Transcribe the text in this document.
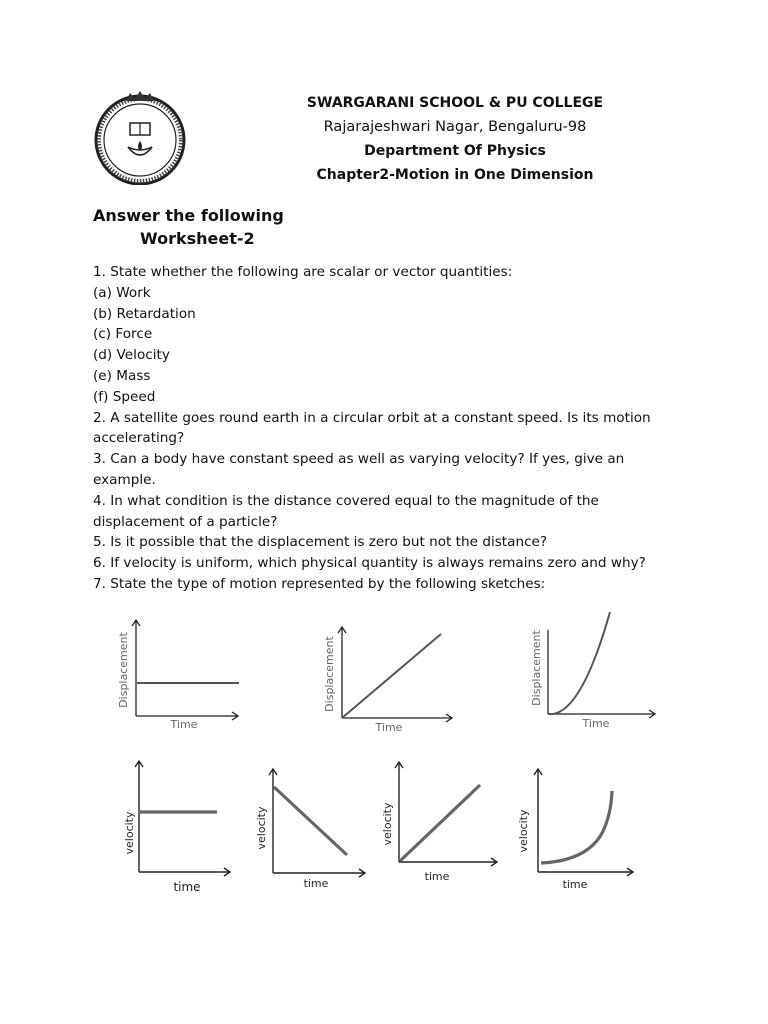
SWARGARANI SCHOOL & PU COLLEGE
Rajarajeshwari Nagar, Bengaluru-98
Department Of Physics
Chapter2-Motion in One Dimension
Answer the following
Worksheet-2
1. State whether the following are scalar or vector quantities:
(a) Work
(b) Retardation
(c) Force
(d) Velocity
(e) Mass
(f) Speed
2. A satellite goes round earth in a circular orbit at a constant speed. Is its motion
accelerating?
3. Can a body have constant speed as well as varying velocity? If yes, give an
example.
4. In what condition is the distance covered equal to the magnitude of the
displacement of a particle?
5. Is it possible that the displacement is zero but not the distance?
6. If velocity is uniform, which physical quantity is always remains zero and why?
7. State the type of motion represented by the following sketches:
Displacement
Time
Displacement
Time
Displacement
Time
velocity
time
velocity
time
velocity
time
velocity
time
